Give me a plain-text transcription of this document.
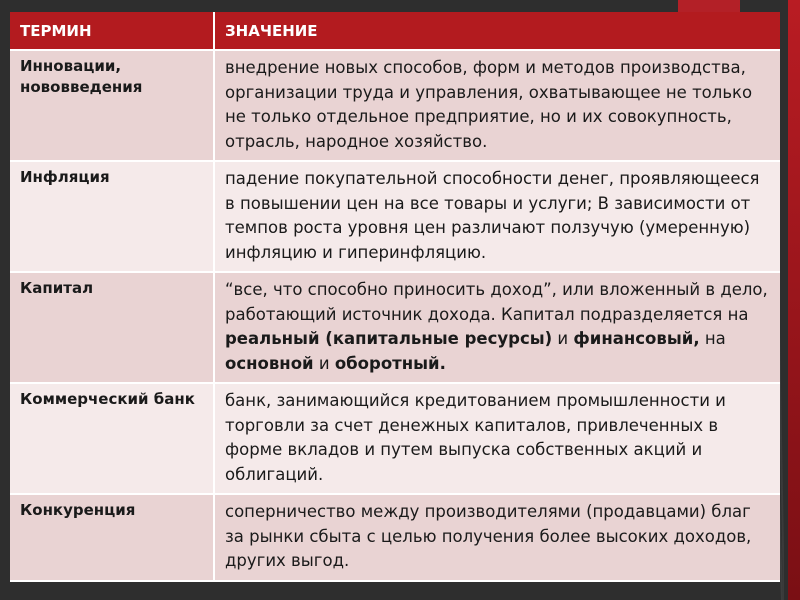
ТЕРМИН	ЗНАЧЕНИЕ
Инновации, нововведения	внедрение новых способов, форм и методов производства, организации труда и управления, охватывающее не только не только отдельное предприятие, но и их совокупность, отрасль, народное хозяйство.
Инфляция	падение покупательной способности денег, проявляющееся в повышении цен на все товары и услуги; В зависимости от темпов роста уровня цен различают ползучую (умеренную) инфляцию и гиперинфляцию.
Капитал	“все, что способно приносить доход”, или вложенный в дело, работающий источник дохода. Капитал подразделяется на реальный (капитальные ресурсы) и финансовый, на основной и оборотный.
Коммерческий банк	банк, занимающийся кредитованием промышленности и торговли за счет денежных капиталов, привлеченных в форме вкладов и путем выпуска собственных акций и облигаций.
Конкуренция	соперничество между производителями (продавцами) благ за рынки сбыта с целью получения более высоких доходов, других выгод.
